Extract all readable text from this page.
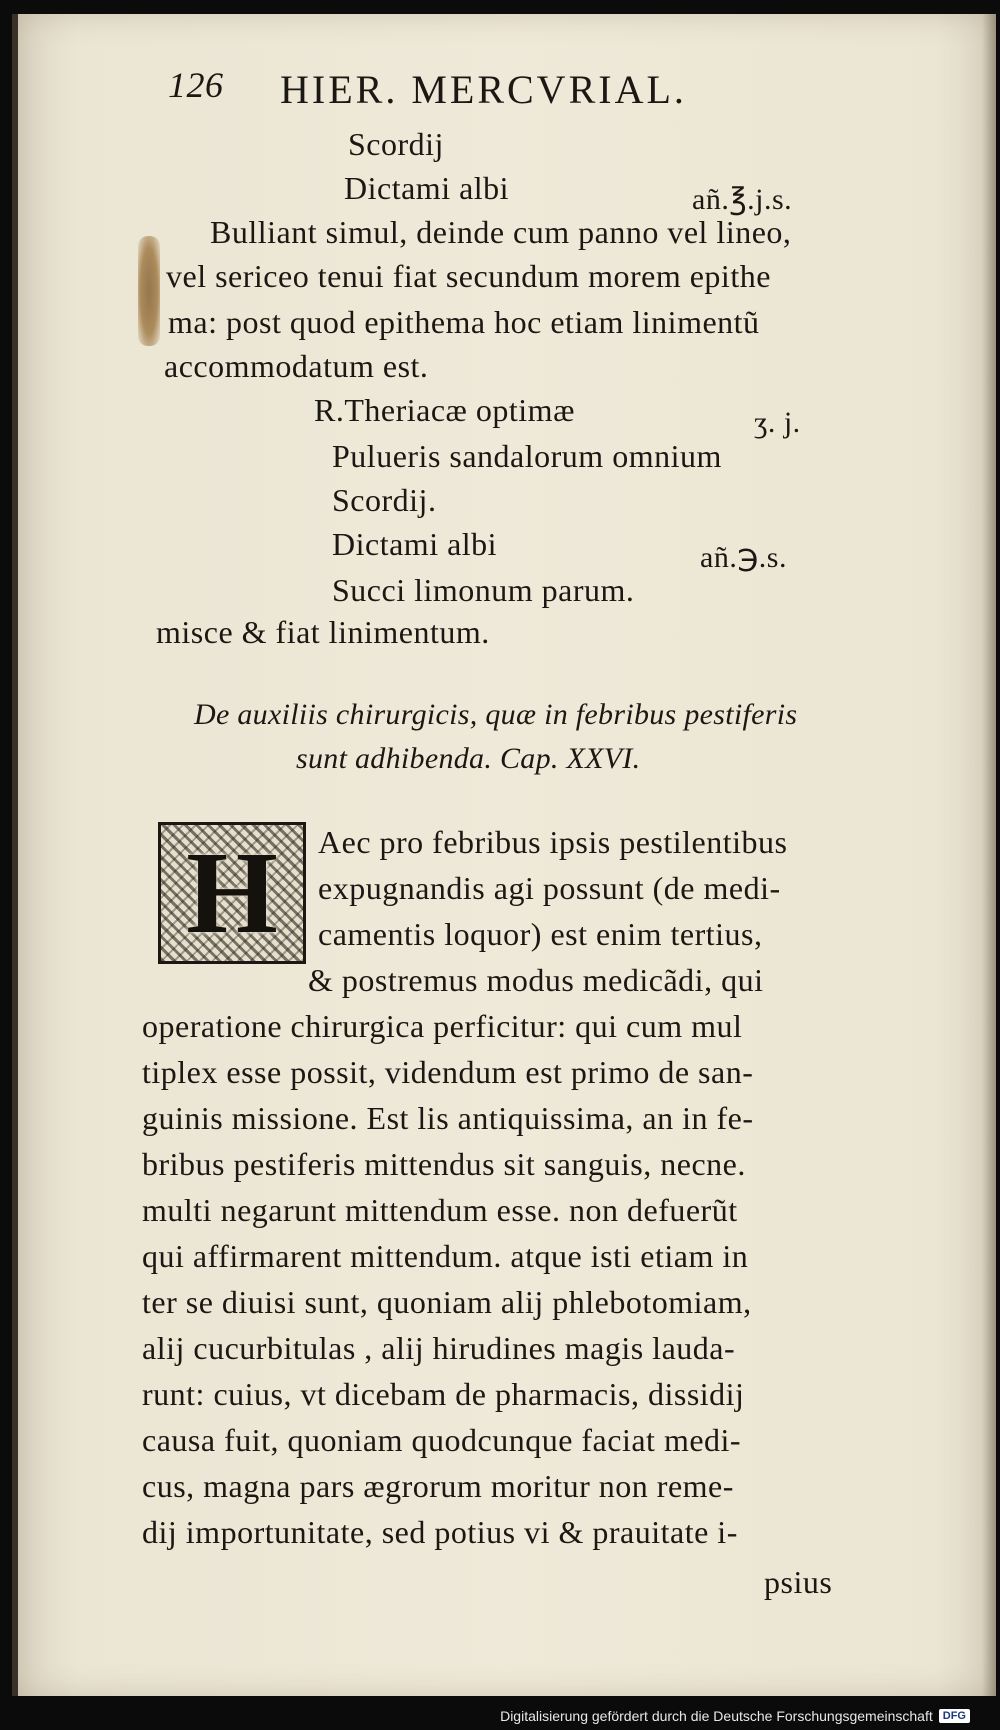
126 HIER. MERCVRIAL.
Scordij
Dictami albi	añ.℥.j.s.
Bulliant simul, deinde cum panno vel lineo,
vel sericeo tenui fiat secundum morem epithe
ma: post quod epithema hoc etiam linimentũ
accommodatum est.
R.Theriacæ optimæ	ʒ. j.
Pulueris sandalorum omnium
Scordij.
Dictami albi	añ.℈.s.
Succi limonum parum.
misce & fiat linimentum.
De auxiliis chirurgicis, quæ in febribus pestiferis
sunt adhibenda. Cap. XXVI.
H	Aec pro febribus ipsis pestilentibus
expugnandis agi possunt (de medi-
camentis loquor) est enim tertius,
& postremus modus medicãdi, qui
operatione chirurgica perficitur: qui cum mul
tiplex esse possit, videndum est primo de san-
guinis missione. Est lis antiquissima, an in fe-
bribus pestiferis mittendus sit sanguis, necne.
multi negarunt mittendum esse. non defuerũt
qui affirmarent mittendum. atque isti etiam in
ter se diuisi sunt, quoniam alij phlebotomiam,
alij cucurbitulas , alij hirudines magis lauda-
runt: cuius, vt dicebam de pharmacis, dissidij
causa fuit, quoniam quodcunque faciat medi-
cus, magna pars ægrorum moritur non reme-
dij importunitate, sed potius vi & prauitate i-
psius
Digitalisierung gefördert durch die Deutsche Forschungsgemeinschaft DFG
